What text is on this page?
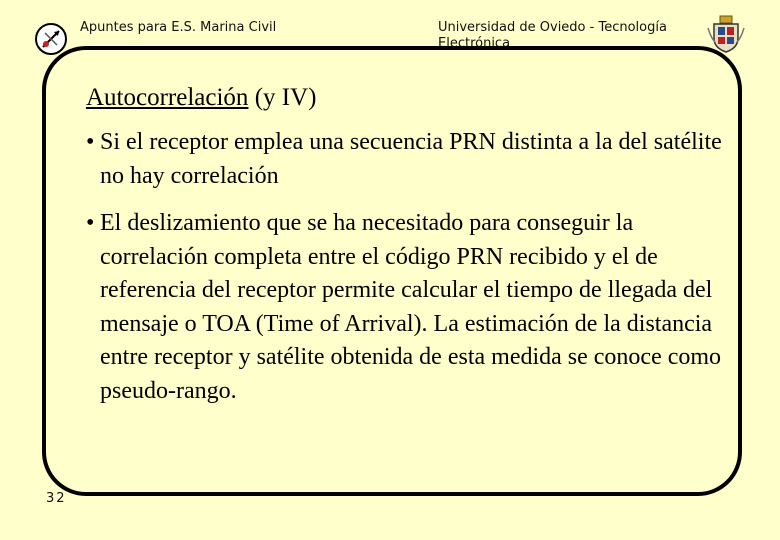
Apuntes para E.S. Marina Civil	Universidad de Oviedo - Tecnología Electrónica
Autocorrelación (y IV)
• Si el receptor emplea una secuencia PRN distinta a la del satélite no hay correlación
• El deslizamiento que se ha necesitado para conseguir la correlación completa entre el código PRN recibido y el de referencia del receptor permite calcular el tiempo de llegada del mensaje o TOA (Time of Arrival). La estimación de la distancia entre receptor y satélite obtenida de esta medida se conoce como pseudo-rango.
32
